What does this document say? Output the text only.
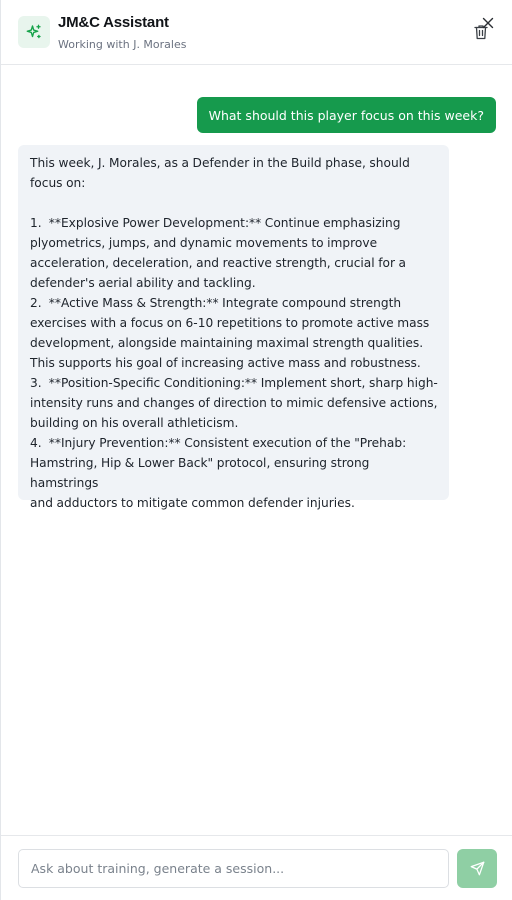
JM&C Assistant
Working with J. Morales
What should this player focus on this week?

This week, J. Morales, as a Defender in the Build phase, should

focus on:

1.  **Explosive Power Development:** Continue emphasizing

plyometrics, jumps, and dynamic movements to improve

acceleration, deceleration, and reactive strength, crucial for a

defender's aerial ability and tackling.

2.  **Active Mass & Strength:** Integrate compound strength

exercises with a focus on 6-10 repetitions to promote active mass

development, alongside maintaining maximal strength qualities.

This supports his goal of increasing active mass and robustness.

3.  **Position-Specific Conditioning:** Implement short, sharp high-

intensity runs and changes of direction to mimic defensive actions,

building on his overall athleticism.

4.  **Injury Prevention:** Consistent execution of the "Prehab:

Hamstring, Hip & Lower Back" protocol, ensuring strong hamstrings

and adductors to mitigate common defender injuries.

Ask about training, generate a session...
